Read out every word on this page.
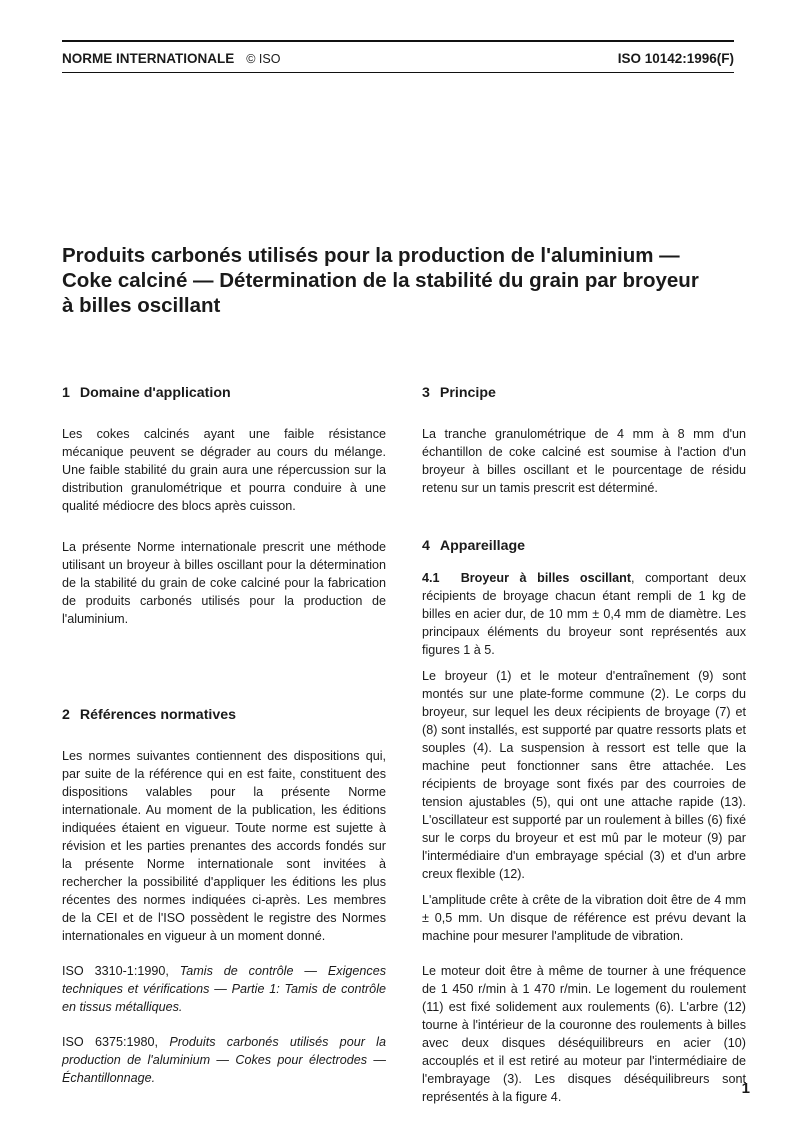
NORME INTERNATIONALE © ISO	ISO 10142:1996(F)
Produits carbonés utilisés pour la production de l'aluminium —
Coke calciné — Détermination de la stabilité du grain par broyeur
à billes oscillant
1 Domaine d'application

Les cokes calcinés ayant une faible résistance mécanique peuvent se dégrader au cours du mélange. Une faible stabilité du grain aura une répercussion sur la distribution granulométrique et pourra conduire à une qualité médiocre des blocs après cuisson.

La présente Norme internationale prescrit une méthode utilisant un broyeur à billes oscillant pour la détermination de la stabilité du grain de coke calciné pour la fabrication de produits carbonés utilisés pour la production de l'aluminium.

2 Références normatives

Les normes suivantes contiennent des dispositions qui, par suite de la référence qui en est faite, constituent des dispositions valables pour la présente Norme internationale. Au moment de la publication, les éditions indiquées étaient en vigueur. Toute norme est sujette à révision et les parties prenantes des accords fondés sur la présente Norme internationale sont invitées à rechercher la possibilité d'appliquer les éditions les plus récentes des normes indiquées ci-après. Les membres de la CEI et de l'ISO possèdent le registre des Normes internationales en vigueur à un moment donné.

ISO 3310-1:1990, Tamis de contrôle — Exigences techniques et vérifications — Partie 1: Tamis de contrôle en tissus métalliques.

ISO 6375:1980, Produits carbonés utilisés pour la production de l'aluminium — Cokes pour électrodes — Échantillonnage.

3 Principe

La tranche granulométrique de 4 mm à 8 mm d'un échantillon de coke calciné est soumise à l'action d'un broyeur à billes oscillant et le pourcentage de résidu retenu sur un tamis prescrit est déterminé.

4 Appareillage

4.1 Broyeur à billes oscillant, comportant deux récipients de broyage chacun étant rempli de 1 kg de billes en acier dur, de 10 mm ± 0,4 mm de diamètre. Les principaux éléments du broyeur sont représentés aux figures 1 à 5.

Le broyeur (1) et le moteur d'entraînement (9) sont montés sur une plate-forme commune (2). Le corps du broyeur, sur lequel les deux récipients de broyage (7) et (8) sont installés, est supporté par quatre ressorts plats et souples (4). La suspension à ressort est telle que la machine peut fonctionner sans être attachée. Les récipients de broyage sont fixés par des courroies de tension ajustables (5), qui ont une attache rapide (13). L'oscillateur est supporté par un roulement à billes (6) fixé sur le corps du broyeur et est mû par le moteur (9) par l'intermédiaire d'un embrayage spécial (3) et d'un arbre creux flexible (12).

L'amplitude crête à crête de la vibration doit être de 4 mm ± 0,5 mm. Un disque de référence est prévu devant la machine pour mesurer l'amplitude de vibration.

Le moteur doit être à même de tourner à une fréquence de 1 450 r/min à 1 470 r/min. Le logement du roulement (11) est fixé solidement aux roulements (6). L'arbre (12) tourne à l'intérieur de la couronne des roulements à billes avec deux disques déséquilibreurs en acier (10) accouplés et il est retiré au moteur par l'intermédiaire de l'embrayage (3). Les disques déséquilibreurs sont représentés à la figure 4.	1
